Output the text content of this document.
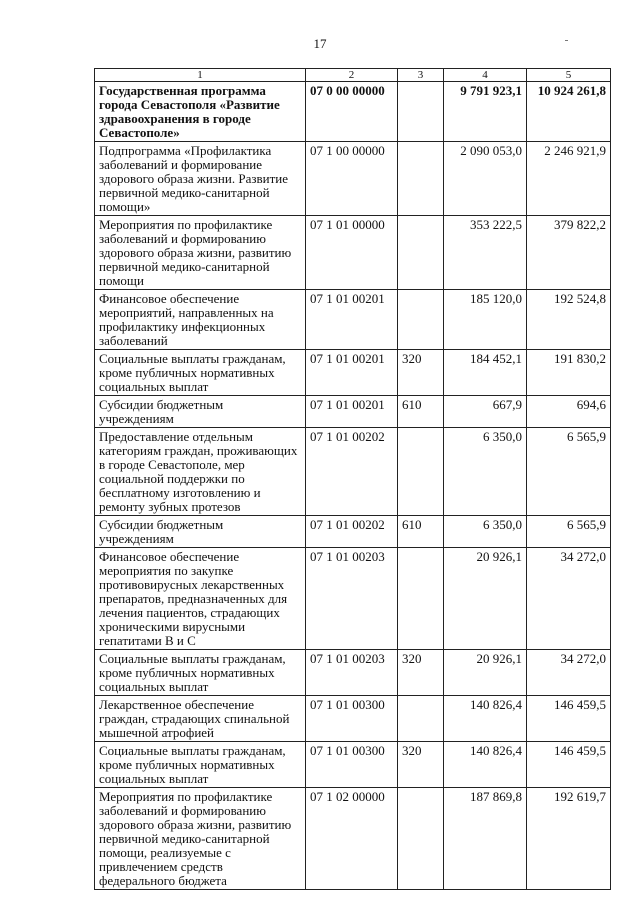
17
1	2	3	4	5
Государственная программа города Севастополя «Развитие здравоохранения в городе Севастополе»	07 0 00 00000		9 791 923,1	10 924 261,8
Подпрограмма «Профилактика заболеваний и формирование здорового образа жизни. Развитие первичной медико-санитарной помощи»	07 1 00 00000		2 090 053,0	2 246 921,9
Мероприятия по профилактике заболеваний и формированию здорового образа жизни, развитию первичной медико-санитарной помощи	07 1 01 00000		353 222,5	379 822,2
Финансовое обеспечение мероприятий, направленных на профилактику инфекционных заболеваний	07 1 01 00201		185 120,0	192 524,8
Социальные выплаты гражданам, кроме публичных нормативных социальных выплат	07 1 01 00201	320	184 452,1	191 830,2
Субсидии бюджетным учреждениям	07 1 01 00201	610	667,9	694,6
Предоставление отдельным категориям граждан, проживающих в городе Севастополе, мер социальной поддержки по бесплатному изготовлению и ремонту зубных протезов	07 1 01 00202		6 350,0	6 565,9
Субсидии бюджетным учреждениям	07 1 01 00202	610	6 350,0	6 565,9
Финансовое обеспечение мероприятия по закупке противовирусных лекарственных препаратов, предназначенных для лечения пациентов, страдающих хроническими вирусными гепатитами В и С	07 1 01 00203		20 926,1	34 272,0
Социальные выплаты гражданам, кроме публичных нормативных социальных выплат	07 1 01 00203	320	20 926,1	34 272,0
Лекарственное обеспечение граждан, страдающих спинальной мышечной атрофией	07 1 01 00300		140 826,4	146 459,5
Социальные выплаты гражданам, кроме публичных нормативных социальных выплат	07 1 01 00300	320	140 826,4	146 459,5
Мероприятия по профилактике заболеваний и формированию здорового образа жизни, развитию первичной медико-санитарной помощи, реализуемые с привлечением средств федерального бюджета	07 1 02 00000		187 869,8	192 619,7
